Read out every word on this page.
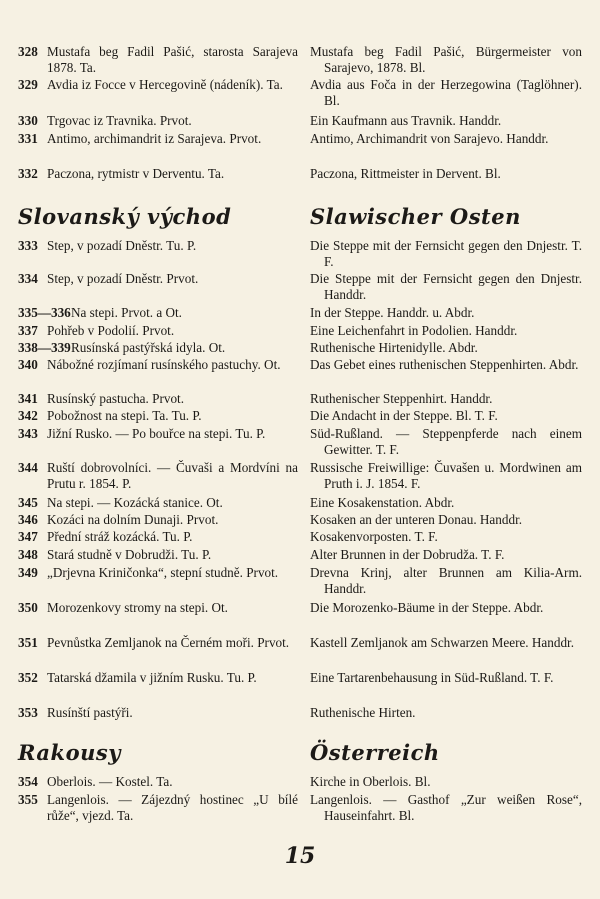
328 Mustafa beg Fadil Pašić, starosta Sarajeva 1878. Ta.
329 Avdia iz Focce v Hercegovině (nádeník). Ta.
330 Trgovac iz Travnika. Prvot.
331 Antimo, archimandrit iz Sarajeva. Prvot.
332 Paczona, rytmistr v Derventu. Ta.
Slovanský východ
333 Step, v pozadí Dněstr. Tu. P.
334 Step, v pozadí Dněstr. Prvot.
335—336 Na stepi. Prvot. a Ot.
337 Pohřeb v Podolií. Prvot.
338—339 Rusínská pastýřská idyla. Ot.
340 Nábožné rozjímaní rusínského pastuchy. Ot.
341 Rusínský pastucha. Prvot.
342 Pobožnost na stepi. Ta. Tu. P.
343 Jižní Rusko. — Po bouřce na stepi. Tu. P.
344 Ruští dobrovolníci. — Čuvaši a Mordvíni na Prutu r. 1854. P.
345 Na stepi. — Kozácká stanice. Ot.
346 Kozáci na dolním Dunaji. Prvot.
347 Přední stráž kozácká. Tu. P.
348 Stará studně v Dobrudži. Tu. P.
349 „Drjevna Kriničonka“, stepní studně. Prvot.
350 Morozenkovy stromy na stepi. Ot.
351 Pevnůstka Zemljanok na Černém moři. Prvot.
352 Tatarská džamila v jižním Rusku. Tu. P.
353 Rusínští pastýři.
Rakousy
354 Oberlois. — Kostel. Ta.
355 Langenlois. — Zájezdný hostinec „U bílé růže“, vjezd. Ta.
Mustafa beg Fadil Pašić, Bürgermeister von Sarajevo, 1878. Bl.
Avdia aus Foča in der Herzegowina (Taglöhner). Bl.
Ein Kaufmann aus Travnik. Handdr.
Antimo, Archimandrit von Sarajevo. Handdr.
Paczona, Rittmeister in Dervent. Bl.
Slawischer Osten
Die Steppe mit der Fernsicht gegen den Dnjestr. T. F.
Die Steppe mit der Fernsicht gegen den Dnjestr. Handdr.
In der Steppe. Handdr. u. Abdr.
Eine Leichenfahrt in Podolien. Handdr.
Ruthenische Hirtenidylle. Abdr.
Das Gebet eines ruthenischen Steppenhirten. Abdr.
Ruthenischer Steppenhirt. Handdr.
Die Andacht in der Steppe. Bl. T. F.
Süd-Rußland. — Steppenpferde nach einem Gewitter. T. F.
Russische Freiwillige: Čuvašen u. Mordwinen am Pruth i. J. 1854. F.
Eine Kosakenstation. Abdr.
Kosaken an der unteren Donau. Handdr.
Kosakenvorposten. T. F.
Alter Brunnen in der Dobrudža. T. F.
Drevna Krinj, alter Brunnen am Kilia-Arm. Handdr.
Die Morozenko-Bäume in der Steppe. Abdr.
Kastell Zemljanok am Schwarzen Meere. Handdr.
Eine Tartarenbehausung in Süd-Rußland. T. F.
Ruthenische Hirten.
Österreich
Kirche in Oberlois. Bl.
Langenlois. — Gasthof „Zur weißen Rose“, Hauseinfahrt. Bl.
15
